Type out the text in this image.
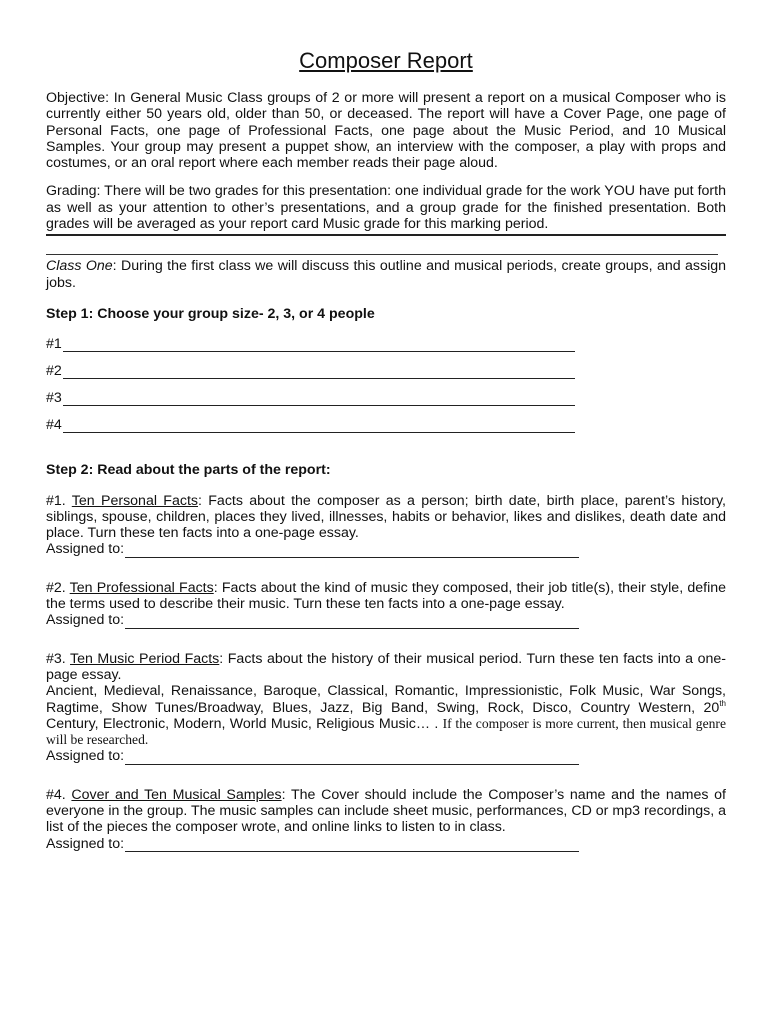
Composer Report

Objective: In General Music Class groups of 2 or more will present a report on a musical Composer who is currently either 50 years old, older than 50, or deceased. The report will have a Cover Page, one page of Personal Facts, one page of Professional Facts, one page about the Music Period, and 10 Musical Samples. Your group may present a puppet show, an interview with the composer, a play with props and costumes, or an oral report where each member reads their page aloud.

Grading: There will be two grades for this presentation: one individual grade for the work YOU have put forth as well as your attention to other’s presentations, and a group grade for the finished presentation. Both grades will be averaged as your report card Music grade for this marking period.

Class One: During the first class we will discuss this outline and musical periods, create groups, and assign jobs.

Step 1: Choose your group size- 2, 3, or 4 people

#1
#2
#3
#4

Step 2: Read about the parts of the report:

#1. Ten Personal Facts: Facts about the composer as a person; birth date, birth place, parent’s history, siblings, spouse, children, places they lived, illnesses, habits or behavior, likes and dislikes, death date and place. Turn these ten facts into a one-page essay.

Assigned to:

#2. Ten Professional Facts: Facts about the kind of music they composed, their job title(s), their style, define the terms used to describe their music. Turn these ten facts into a one-page essay.

Assigned to:

#3. Ten Music Period Facts: Facts about the history of their musical period. Turn these ten facts into a one-page essay.

Ancient, Medieval, Renaissance, Baroque, Classical, Romantic, Impressionistic, Folk Music, War Songs, Ragtime, Show Tunes/Broadway, Blues, Jazz, Big Band, Swing, Rock, Disco, Country Western, 20th Century, Electronic, Modern, World Music, Religious Music… . If the composer is more current, then musical genre will be researched.

Assigned to:

#4. Cover and Ten Musical Samples: The Cover should include the Composer’s name and the names of everyone in the group. The music samples can include sheet music, performances, CD or mp3 recordings, a list of the pieces the composer wrote, and online links to listen to in class.

Assigned to:
